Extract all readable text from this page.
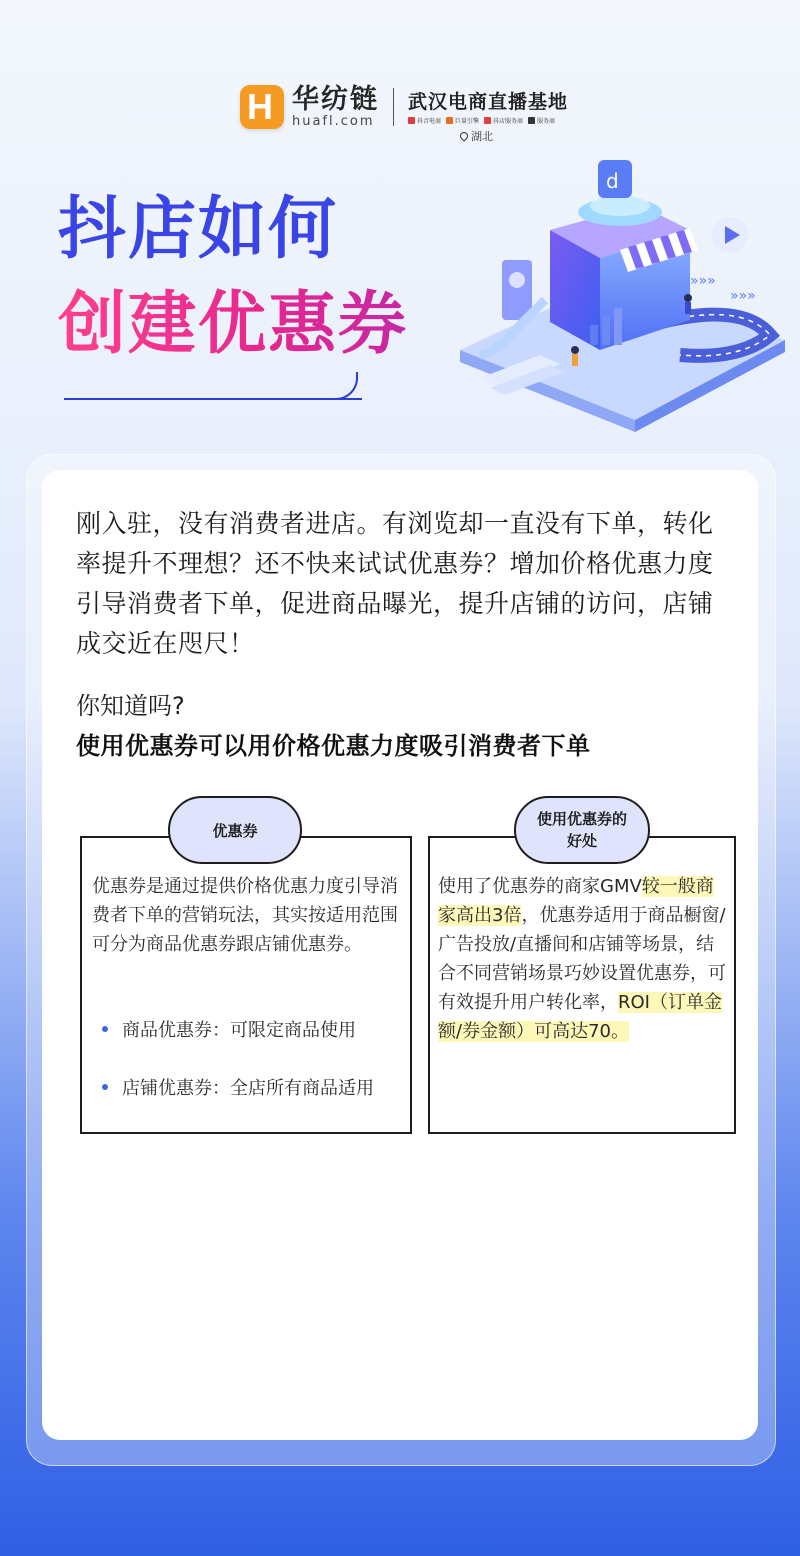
H 华纺链
huafl.com
武汉电商直播基地
抖音电商 巨量引擎 抖店服务商 服务商
湖北
抖店如何
创建优惠券
d
»»»
»»»
刚入驻，没有消费者进店。有浏览却一直没有下单，转化率提升不理想？还不快来试试优惠券？增加价格优惠力度引导消费者下单，促进商品曝光，提升店铺的访问，店铺成交近在咫尺！
你知道吗?
使用优惠券可以用价格优惠力度吸引消费者下单
优惠券是通过提供价格优惠力度引导消费者下单的营销玩法，其实按适用范围可分为商品优惠券跟店铺优惠券。
商品优惠券：可限定商品使用
店铺优惠券：全店所有商品适用
优惠券
使用了优惠券的商家GMV较一般商家高出3倍，优惠券适用于商品橱窗/广告投放/直播间和店铺等场景，结合不同营销场景巧妙设置优惠券，可有效提升用户转化率，ROI（订单金额/券金额）可高达70。
使用优惠券的
好处
